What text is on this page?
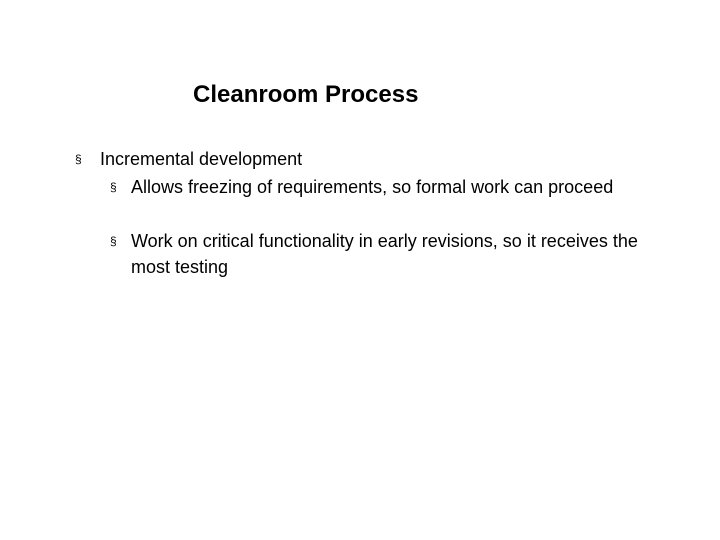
Cleanroom Process
§ Incremental development
§ Allows freezing of requirements, so formal work can proceed
§ Work on critical functionality in early revisions, so it receives the most testing
